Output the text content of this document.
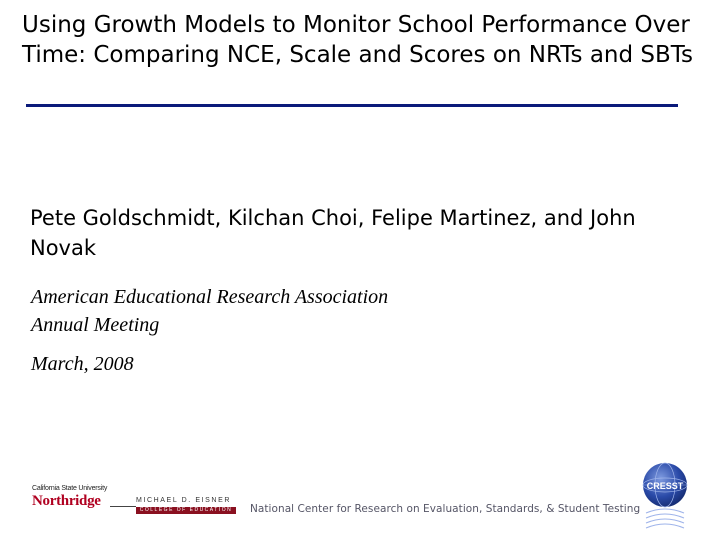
Using Growth Models to Monitor School Performance Over Time: Comparing NCE, Scale and Scores on NRTs and SBTs
Pete Goldschmidt, Kilchan Choi, Felipe Martinez, and John Novak
American Educational Research Association
Annual Meeting
March, 2008
California State University
Northridge	MICHAEL D. EISNER
COLLEGE OF EDUCATION	National Center for Research on Evaluation, Standards, & Student Testing
CRESST
